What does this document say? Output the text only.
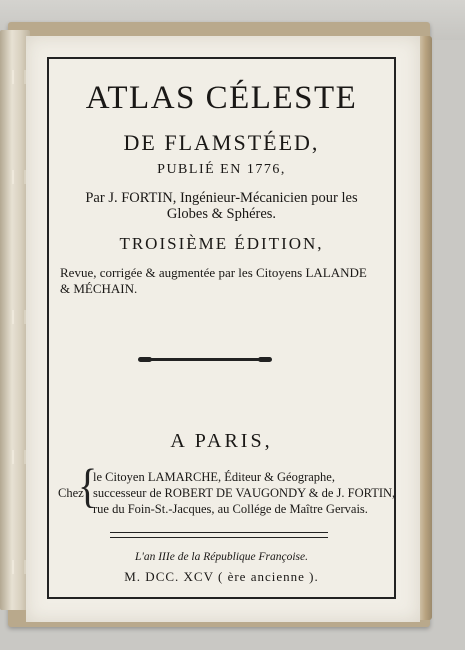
ATLAS CÉLESTE
DE FLAMSTÉED,
PUBLIÉ EN 1776,
Par J. FORTIN, Ingénieur-Mécanicien pour les
Globes & Sphéres.
TROISIÈME ÉDITION,
Revue, corrigée & augmentée par les Citoyens LALANDE
& MÉCHAIN.
A PARIS,
Chez
{
le Citoyen LAMARCHE, Éditeur & Géographe,
successeur de ROBERT DE VAUGONDY & de J. FORTIN,
rue du Foin-St.-Jacques, au Collége de Maître Gervais.
L'an IIIe de la République Françoise.
M. DCC. XCV ( ère ancienne ).
